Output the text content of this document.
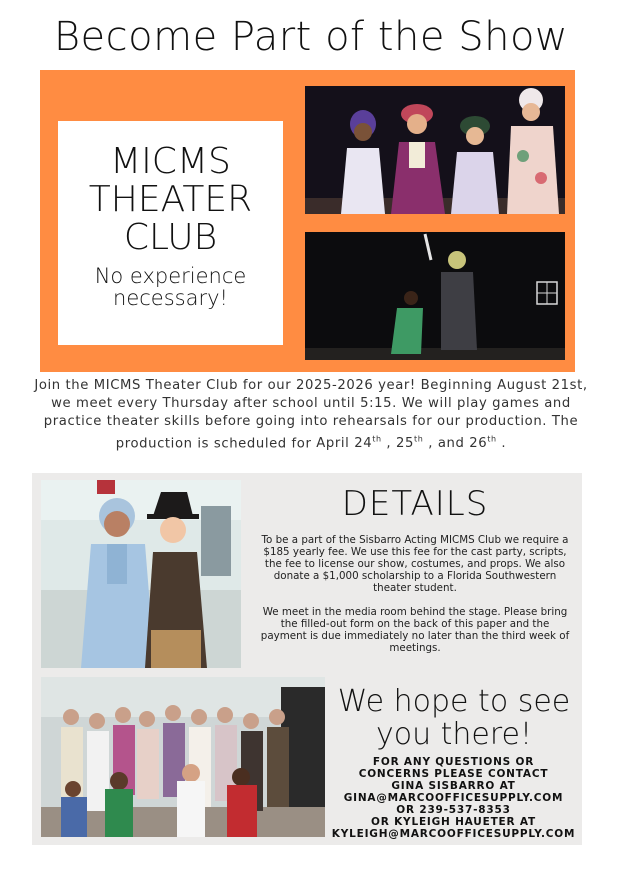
Become Part of the Show
MICMS
THEATER
CLUB
No experience
necessary!
Join the MICMS Theater Club for our 2025-2026 year! Beginning August 21st, we meet every Thursday after school until 5:15. We will play games and practice theater skills before going into rehearsals for our production. The production is scheduled for April 24th , 25th , and 26th .
DETAILS

To be a part of the Sisbarro Acting MICMS Club we require a $185 yearly fee. We use this fee for the cast party, scripts, the fee to license our show, costumes, and props. We also donate a $1,000 scholarship to a Florida Southwestern theater student.

We meet in the media room behind the stage. Please bring the filled-out form on the back of this paper and the payment is due immediately no later than the third week of meetings.

We hope to see
you there!
FOR ANY QUESTIONS OR
CONCERNS PLEASE CONTACT
GINA SISBARRO AT
GINA@MARCOOFFICESUPPLY.COM
OR 239-537-8353
OR KYLEIGH HAUETER AT
KYLEIGH@MARCOOFFICESUPPLY.COM
